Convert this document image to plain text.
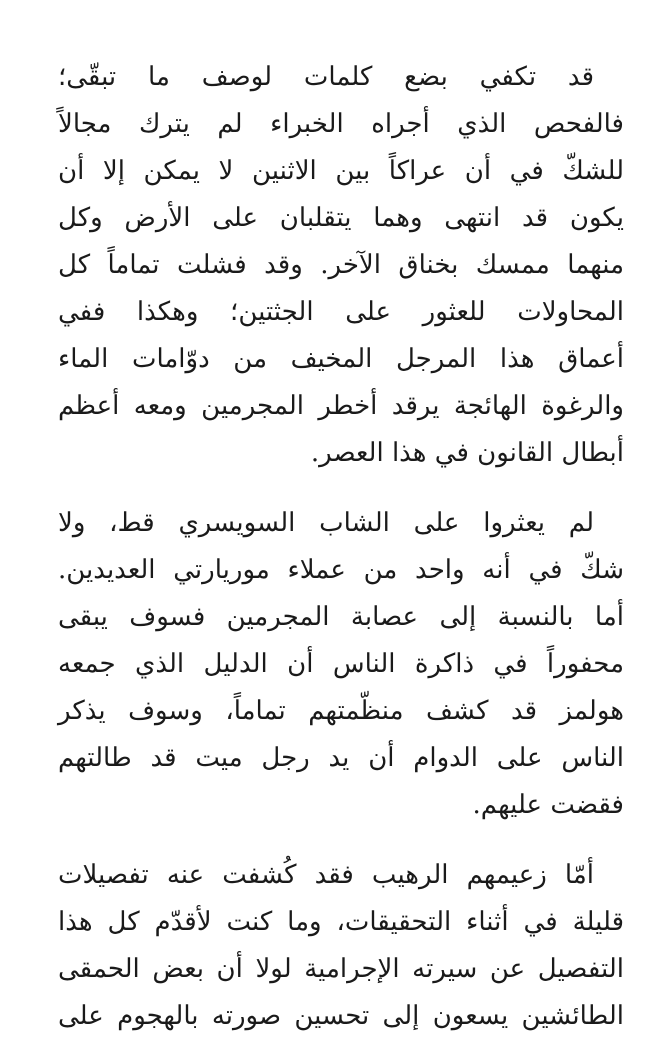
قد تكفي بضع كلمات لوصف ما تبقّى؛
فالفحص الذي أجراه الخبراء لم يترك مجالاً
للشكّ في أن عراكاً بين الاثنين لا يمكن إلا أن
يكون قد انتهى وهما يتقلبان على الأرض وكل
منهما ممسك بخناق الآخر. وقد فشلت تماماً كل
المحاولات للعثور على الجثتين؛ وهكذا ففي
أعماق هذا المرجل المخيف من دوّامات الماء
والرغوة الهائجة يرقد أخطر المجرمين ومعه أعظم
أبطال القانون في هذا العصر.
لم يعثروا على الشاب السويسري قط، ولا
شكّ في أنه واحد من عملاء موريارتي العديدين.
أما بالنسبة إلى عصابة المجرمين فسوف يبقى
محفوراً في ذاكرة الناس أن الدليل الذي جمعه
هولمز قد كشف منظّمتهم تماماً، وسوف يذكر
الناس على الدوام أن يد رجل ميت قد طالتهم
فقضت عليهم.
أمّا زعيمهم الرهيب فقد كُشفت عنه تفصيلات
قليلة في أثناء التحقيقات، وما كنت لأقدّم كل هذا
التفصيل عن سيرته الإجرامية لولا أن بعض الحمقى
الطائشين يسعون إلى تحسين صورته بالهجوم على
